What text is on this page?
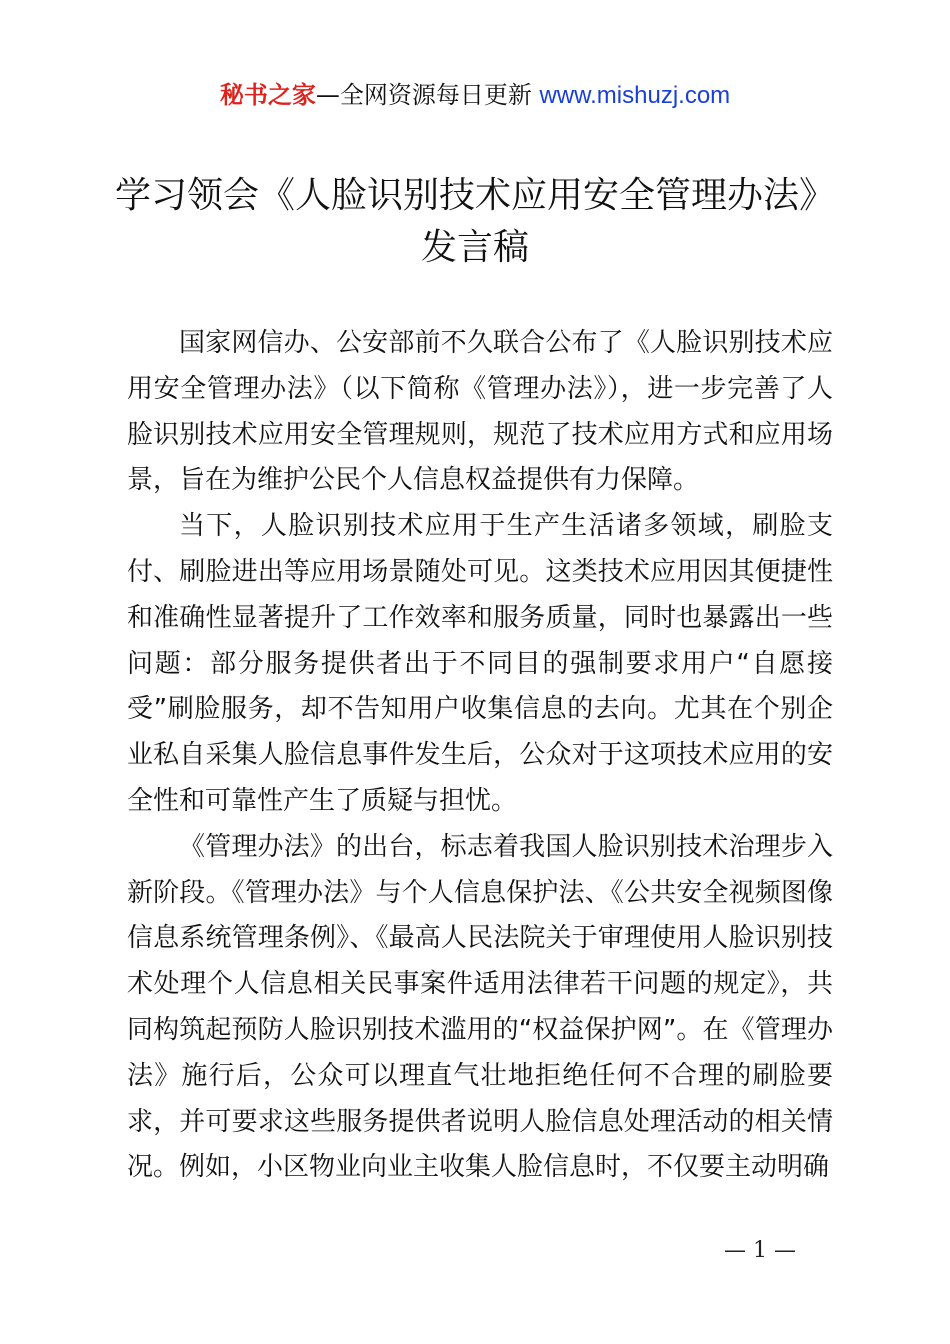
秘书之家—全网资源每日更新 www.mishuzj.com
学习领会《人脸识别技术应用安全管理办法》
发言稿

国家网信办、公安部前不久联合公布了《人脸识别技术应用安全管理办法》（以下简称《管理办法》），进一步完善了人脸识别技术应用安全管理规则，规范了技术应用方式和应用场景，旨在为维护公民个人信息权益提供有力保障。

当下，人脸识别技术应用于生产生活诸多领域，刷脸支付、刷脸进出等应用场景随处可见。这类技术应用因其便捷性和准确性显著提升了工作效率和服务质量，同时也暴露出一些问题：部分服务提供者出于不同目的强制要求用户“自愿接受”刷脸服务，却不告知用户收集信息的去向。尤其在个别企业私自采集人脸信息事件发生后，公众对于这项技术应用的安全性和可靠性产生了质疑与担忧。

《管理办法》的出台，标志着我国人脸识别技术治理步入新阶段。《管理办法》与个人信息保护法、《公共安全视频图像信息系统管理条例》、《最高人民法院关于审理使用人脸识别技术处理个人信息相关民事案件适用法律若干问题的规定》，共同构筑起预防人脸识别技术滥用的“权益保护网”。在《管理办法》施行后，公众可以理直气壮地拒绝任何不合理的刷脸要求，并可要求这些服务提供者说明人脸信息处理活动的相关情况。例如，小区物业向业主收集人脸信息时，不仅要主动明确

— 1 —
